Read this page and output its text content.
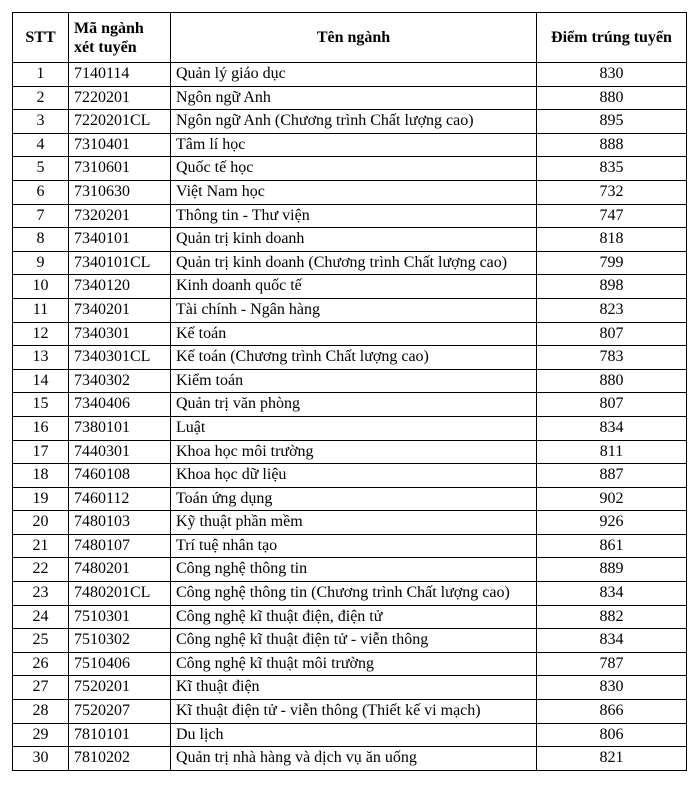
STT	Mã ngành xét tuyển	Tên ngành	Điểm trúng tuyển
1	7140114	Quản lý giáo dục	830
2	7220201	Ngôn ngữ Anh	880
3	7220201CL	Ngôn ngữ Anh (Chương trình Chất lượng cao)	895
4	7310401	Tâm lí học	888
5	7310601	Quốc tế học	835
6	7310630	Việt Nam học	732
7	7320201	Thông tin - Thư viện	747
8	7340101	Quản trị kinh doanh	818
9	7340101CL	Quản trị kinh doanh (Chương trình Chất lượng cao)	799
10	7340120	Kinh doanh quốc tế	898
11	7340201	Tài chính - Ngân hàng	823
12	7340301	Kế toán	807
13	7340301CL	Kế toán (Chương trình Chất lượng cao)	783
14	7340302	Kiểm toán	880
15	7340406	Quản trị văn phòng	807
16	7380101	Luật	834
17	7440301	Khoa học môi trường	811
18	7460108	Khoa học dữ liệu	887
19	7460112	Toán ứng dụng	902
20	7480103	Kỹ thuật phần mềm	926
21	7480107	Trí tuệ nhân tạo	861
22	7480201	Công nghệ thông tin	889
23	7480201CL	Công nghệ thông tin (Chương trình Chất lượng cao)	834
24	7510301	Công nghệ kĩ thuật điện, điện tử	882
25	7510302	Công nghệ kĩ thuật điện tử - viễn thông	834
26	7510406	Công nghệ kĩ thuật môi trường	787
27	7520201	Kĩ thuật điện	830
28	7520207	Kĩ thuật điện tử - viễn thông (Thiết kế vi mạch)	866
29	7810101	Du lịch	806
30	7810202	Quản trị nhà hàng và dịch vụ ăn uống	821
